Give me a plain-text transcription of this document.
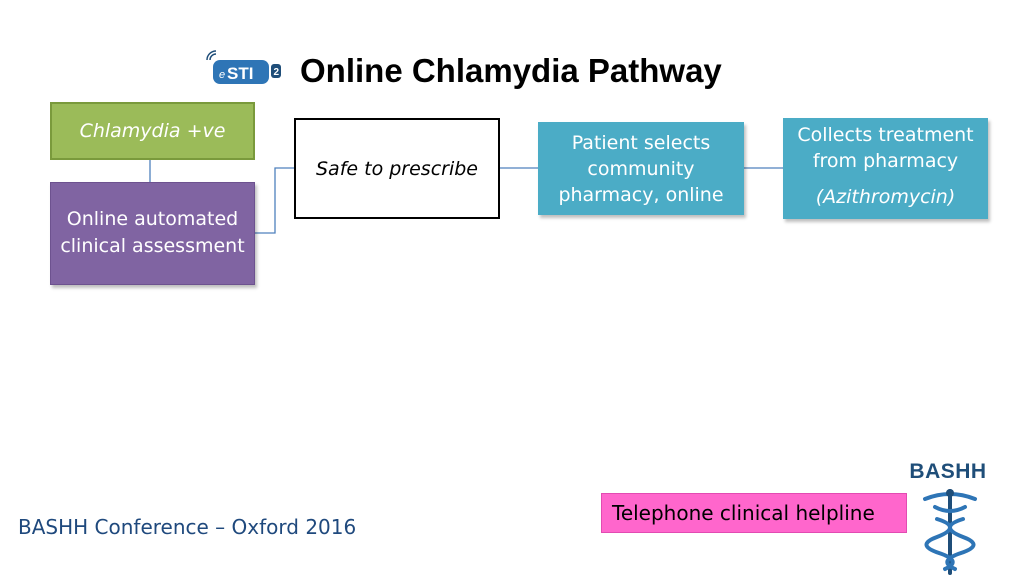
e STI 2 Online Chlamydia Pathway
Chlamydia +ve
Online automated
clinical assessment
Safe to prescribe
Patient selects
community
pharmacy, online
Collects treatment
from pharmacy
(Azithromycin)
Telephone clinical helpline
BASHH Conference – Oxford 2016
BASHH
